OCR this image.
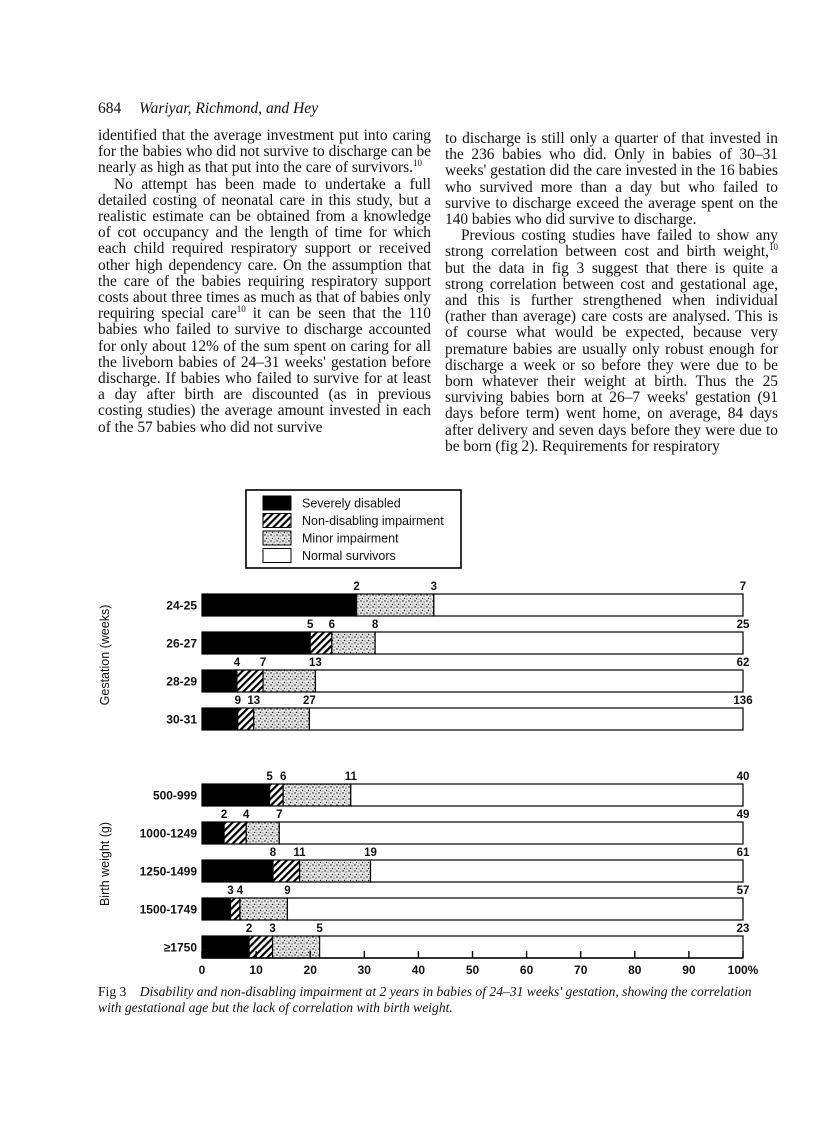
684 Wariyar, Richmond, and Hey

identified that the average investment put into caring for the babies who did not survive to discharge can be nearly as high as that put into the care of survivors.$^{10}$

No attempt has been made to undertake a full detailed costing of neonatal care in this study, but a realistic estimate can be obtained from a knowledge of cot occupancy and the length of time for which each child required respiratory support or received other high dependency care. On the assumption that the care of the babies requiring respiratory support costs about three times as much as that of babies only requiring special care$^{10}$ it can be seen that the 110 babies who failed to survive to discharge accounted for only about 12% of the sum spent on caring for all the liveborn babies of 24–31 weeks' gestation before discharge. If babies who failed to survive for at least a day after birth are discounted (as in previous costing studies) the average amount invested in each of the 57 babies who did not survive

to discharge is still only a quarter of that invested in the 236 babies who did. Only in babies of 30–31 weeks' gestation did the care invested in the 16 babies who survived more than a day but who failed to survive to discharge exceed the average spent on the 140 babies who did survive to discharge.

Previous costing studies have failed to show any strong correlation between cost and birth weight,$^{10}$ but the data in fig 3 suggest that there is quite a strong correlation between cost and gestational age, and this is further strengthened when individual (rather than average) care costs are analysed. This is of course what would be expected, because very premature babies are usually only robust enough for discharge a week or so before they were due to be born whatever their weight at birth. Thus the 25 surviving babies born at 26–7 weeks' gestation (91 days before term) went home, on average, 84 days after delivery and seven days before they were due to be born (fig 2). Requirements for respiratory

Severely disabled
Non-disabling impairment
Minor impairment
Normal survivors
Gestation (weeks)	24-25
2	3	7
26-27
5 6	8	25
28-29
4 7	13	62
30-31
9 13	27	136
Birth weight (g)
500-999
5 6	11	40
1000-1249
2 4 7	49
1250-1499
8 11	19	61
1500-1749
3 4	9	57
≥1750
2 3	5	23
0	10	20	30	40	50	60	70	80	90	100%
Fig 3 Disability and non-disabling impairment at 2 years in babies of 24–31 weeks' gestation, showing the correlation with gestational age but the lack of correlation with birth weight.
